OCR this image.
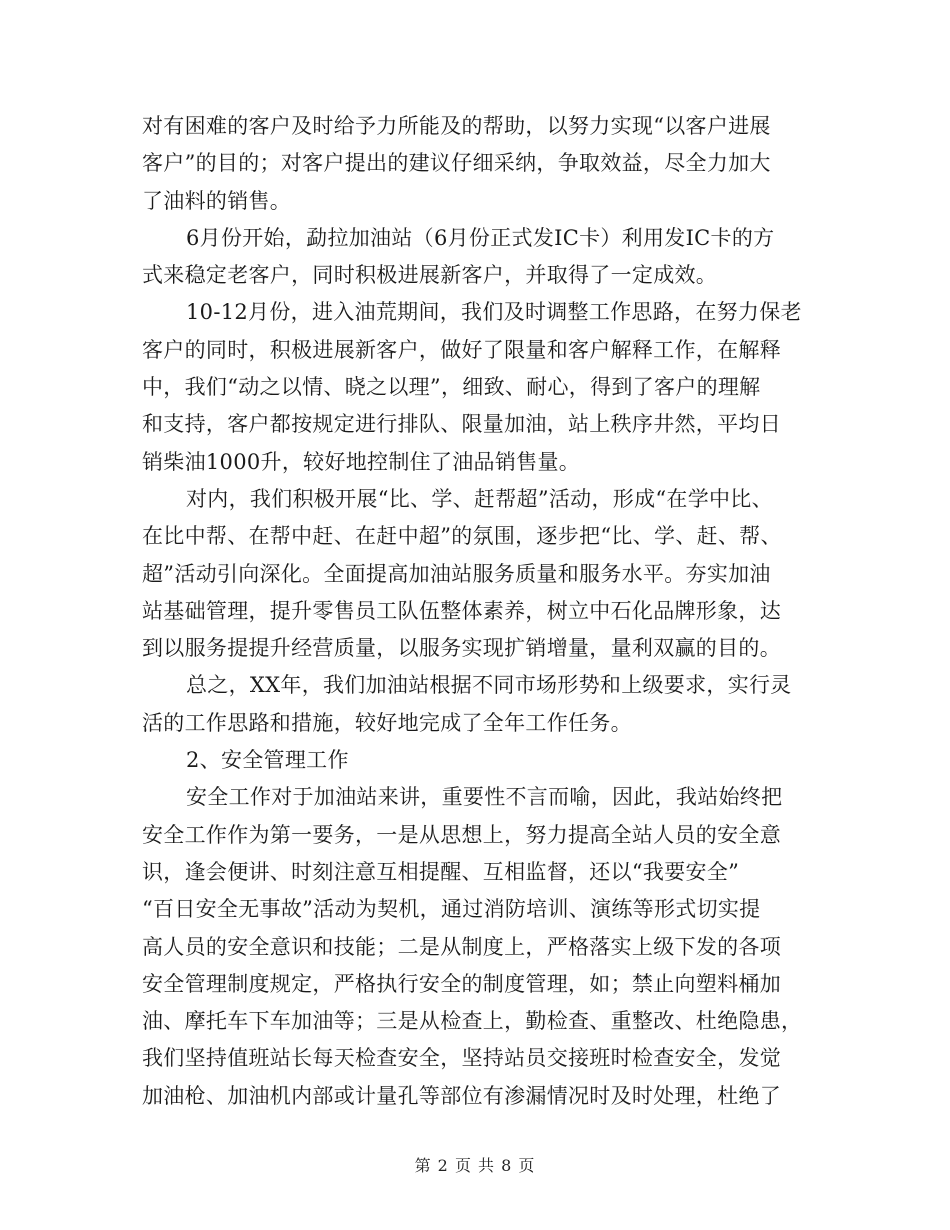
对有困难的客户及时给予力所能及的帮助，以努力实现“以客户进展
客户”的目的；对客户提出的建议仔细采纳，争取效益，尽全力加大
了油料的销售。
6月份开始，勐拉加油站（6月份正式发IC卡）利用发IC卡的方
式来稳定老客户，同时积极进展新客户，并取得了一定成效。
10-12月份，进入油荒期间，我们及时调整工作思路，在努力保老
客户的同时，积极进展新客户，做好了限量和客户解释工作，在解释
中，我们“动之以情、晓之以理”，细致、耐心，得到了客户的理解
和支持，客户都按规定进行排队、限量加油，站上秩序井然，平均日
销柴油1000升，较好地控制住了油品销售量。
对内，我们积极开展“比、学、赶帮超”活动，形成“在学中比、
在比中帮、在帮中赶、在赶中超”的氛围，逐步把“比、学、赶、帮、
超”活动引向深化。全面提高加油站服务质量和服务水平。夯实加油
站基础管理，提升零售员工队伍整体素养，树立中石化品牌形象，达
到以服务提提升经营质量，以服务实现扩销增量，量利双赢的目的。
总之，XX年，我们加油站根据不同市场形势和上级要求，实行灵
活的工作思路和措施，较好地完成了全年工作任务。
2、安全管理工作
安全工作对于加油站来讲，重要性不言而喻，因此，我站始终把
安全工作作为第一要务，一是从思想上，努力提高全站人员的安全意
识，逢会便讲、时刻注意互相提醒、互相监督，还以“我要安全”
“百日安全无事故”活动为契机，通过消防培训、演练等形式切实提
高人员的安全意识和技能；二是从制度上，严格落实上级下发的各项
安全管理制度规定，严格执行安全的制度管理，如；禁止向塑料桶加
油、摩托车下车加油等；三是从检查上，勤检查、重整改、杜绝隐患，
我们坚持值班站长每天检查安全，坚持站员交接班时检查安全，发觉
加油枪、加油机内部或计量孔等部位有渗漏情况时及时处理，杜绝了
第 2 页 共 8 页
